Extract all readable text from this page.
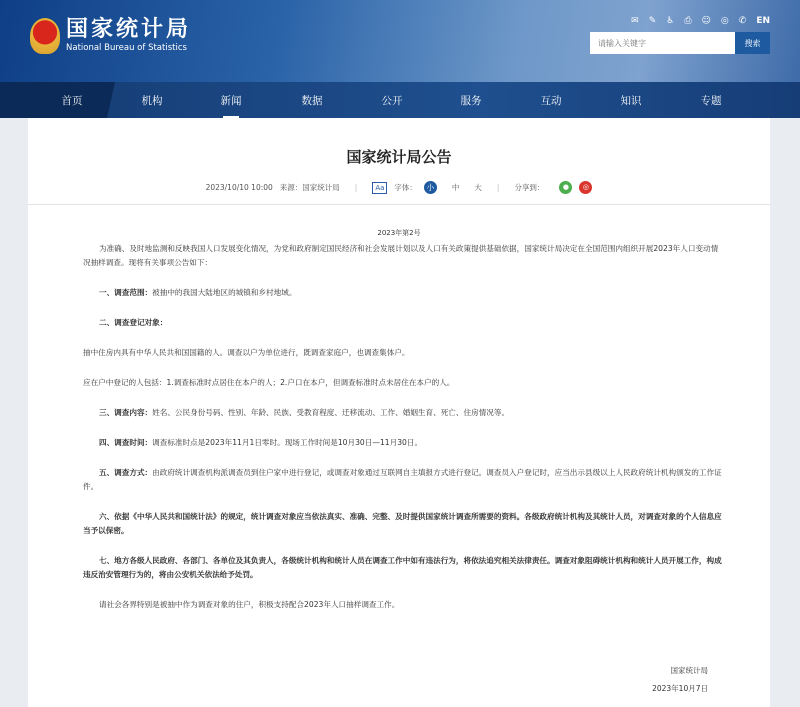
国家统计局
National Bureau of Statistics
✉ ✎ ♿ ⎙ ☺ ◎ ✆ EN
请输入关键字
搜索
首页	机构	新闻	数据	公开	服务	互动	知识	专题
国家统计局公告
2023/10/10 10:00 来源：国家统计局 |	Aa	字体：	小	中 大 | 分享到：	●	◎
2023年第2号

为准确、及时地监测和反映我国人口发展变化情况，为党和政府制定国民经济和社会发展计划以及人口有关政策提供基础依据，国家统计局决定在全国范围内组织开展2023年人口变动情况抽样调查。现将有关事项公告如下：

一、调查范围：被抽中的我国大陆地区的城镇和乡村地域。

二、调查登记对象：

抽中住房内具有中华人民共和国国籍的人。调查以户为单位进行，既调查家庭户，也调查集体户。

应在户中登记的人包括：1.调查标准时点居住在本户的人；2.户口在本户，但调查标准时点未居住在本户的人。

三、调查内容：姓名、公民身份号码、性别、年龄、民族、受教育程度、迁移流动、工作、婚姻生育、死亡、住房情况等。

四、调查时间：调查标准时点是2023年11月1日零时。现场工作时间是10月30日—11月30日。

五、调查方式：由政府统计调查机构派调查员到住户家中进行登记，或调查对象通过互联网自主填报方式进行登记。调查员入户登记时，应当出示县级以上人民政府统计机构颁发的工作证件。

六、依据《中华人民共和国统计法》的规定，统计调查对象应当依法真实、准确、完整、及时提供国家统计调查所需要的资料。各级政府统计机构及其统计人员，对调查对象的个人信息应当予以保密。

七、地方各级人民政府、各部门、各单位及其负责人，各级统计机构和统计人员在调查工作中如有违法行为，将依法追究相关法律责任。调查对象阻碍统计机构和统计人员开展工作，构成违反治安管理行为的，将由公安机关依法给予处罚。

请社会各界特别是被抽中作为调查对象的住户，积极支持配合2023年人口抽样调查工作。

国家统计局
2023年10月7日
